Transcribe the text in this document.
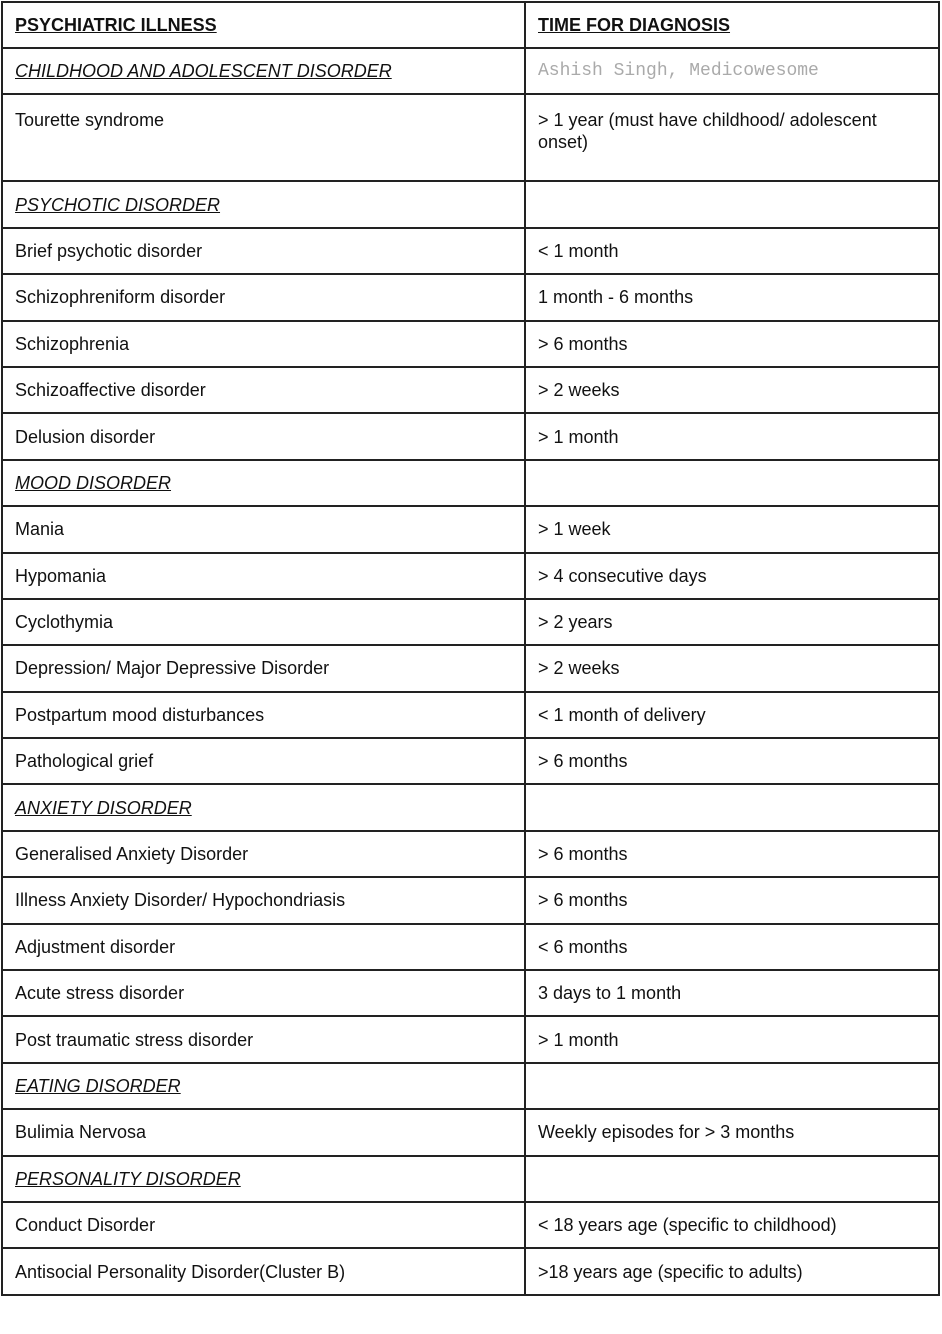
PSYCHIATRIC ILLNESS	TIME FOR DIAGNOSIS
CHILDHOOD AND ADOLESCENT DISORDER	Ashish Singh, Medicowesome
Tourette syndrome	> 1 year (must have childhood/ adolescent onset)
PSYCHOTIC DISORDER	
Brief psychotic disorder	< 1 month
Schizophreniform disorder	1 month - 6 months
Schizophrenia	> 6 months
Schizoaffective disorder	> 2 weeks
Delusion disorder	> 1 month
MOOD DISORDER	
Mania	> 1 week
Hypomania	> 4 consecutive days
Cyclothymia	> 2 years
Depression/ Major Depressive Disorder	> 2 weeks
Postpartum mood disturbances	< 1 month of delivery
Pathological grief	> 6 months
ANXIETY DISORDER	
Generalised Anxiety Disorder	> 6 months
Illness Anxiety Disorder/ Hypochondriasis	> 6 months
Adjustment disorder	< 6 months
Acute stress disorder	3 days to 1 month
Post traumatic stress disorder	> 1 month
EATING DISORDER	
Bulimia Nervosa	Weekly episodes for > 3 months
PERSONALITY DISORDER	
Conduct Disorder	< 18 years age (specific to childhood)
Antisocial Personality Disorder(Cluster B)	>18 years age (specific to adults)
